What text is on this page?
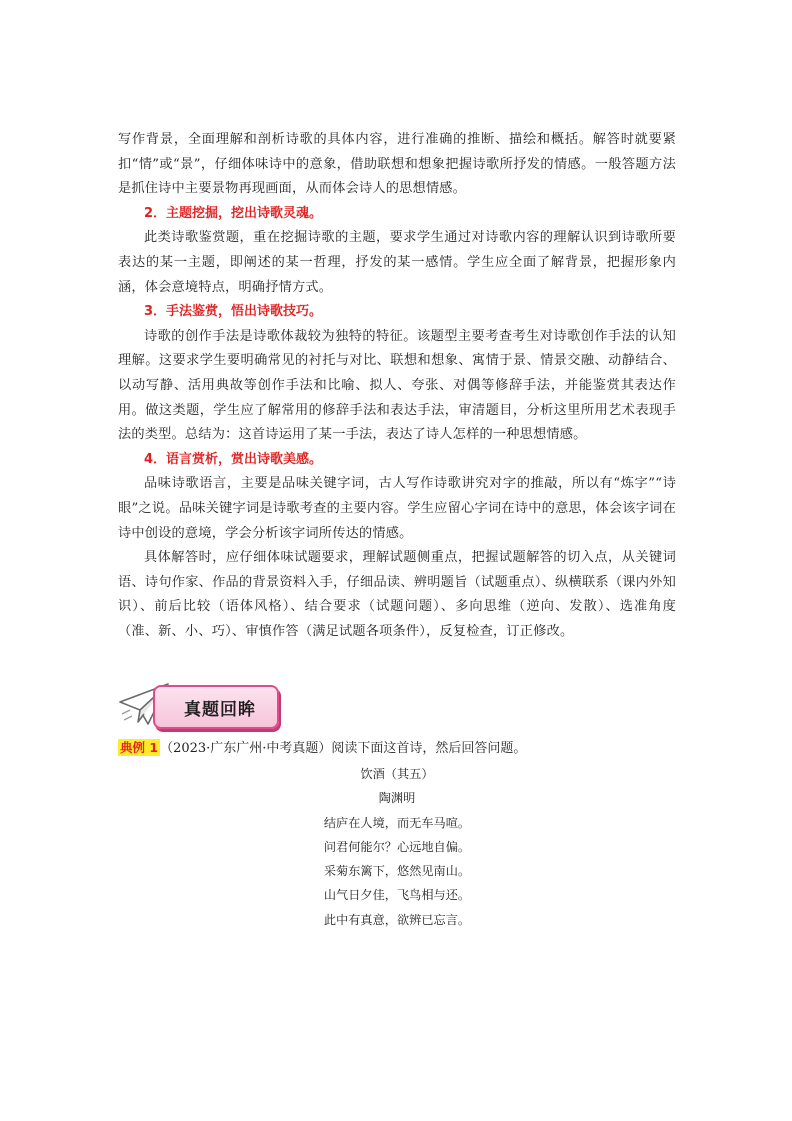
写作背景，全面理解和剖析诗歌的具体内容，进行准确的推断、描绘和概括。解答时就要紧扣“情”或“景”，仔细体味诗中的意象，借助联想和想象把握诗歌所抒发的情感。一般答题方法是抓住诗中主要景物再现画面，从而体会诗人的思想情感。

2．主题挖掘，挖出诗歌灵魂。

此类诗歌鉴赏题，重在挖掘诗歌的主题，要求学生通过对诗歌内容的理解认识到诗歌所要表达的某一主题，即阐述的某一哲理，抒发的某一感情。学生应全面了解背景，把握形象内涵，体会意境特点，明确抒情方式。

3．手法鉴赏，悟出诗歌技巧。

诗歌的创作手法是诗歌体裁较为独特的特征。该题型主要考查考生对诗歌创作手法的认知理解。这要求学生要明确常见的衬托与对比、联想和想象、寓情于景、情景交融、动静结合、以动写静、活用典故等创作手法和比喻、拟人、夸张、对偶等修辞手法，并能鉴赏其表达作用。做这类题，学生应了解常用的修辞手法和表达手法，审清题目，分析这里所用艺术表现手法的类型。总结为：这首诗运用了某一手法，表达了诗人怎样的一种思想情感。

4．语言赏析，赏出诗歌美感。

品味诗歌语言，主要是品味关键字词，古人写作诗歌讲究对字的推敲，所以有“炼字”“诗眼”之说。品味关键字词是诗歌考查的主要内容。学生应留心字词在诗中的意思，体会该字词在诗中创设的意境，学会分析该字词所传达的情感。

具体解答时，应仔细体味试题要求，理解试题侧重点，把握试题解答的切入点，从关键词语、诗句作家、作品的背景资料入手，仔细品读、辨明题旨（试题重点）、纵横联系（课内外知识）、前后比较（语体风格）、结合要求（试题问题）、多向思维（逆向、发散）、选准角度（准、新、小、巧）、审慎作答（满足试题各项条件），反复检查，订正修改。

真题回眸
典例 1 （2023·广东广州·中考真题）阅读下面这首诗，然后回答问题。

饮酒（其五）

陶渊明

结庐在人境，而无车马喧。

问君何能尔？心远地自偏。

采菊东篱下，悠然见南山。

山气日夕佳，飞鸟相与还。

此中有真意，欲辨已忘言。
